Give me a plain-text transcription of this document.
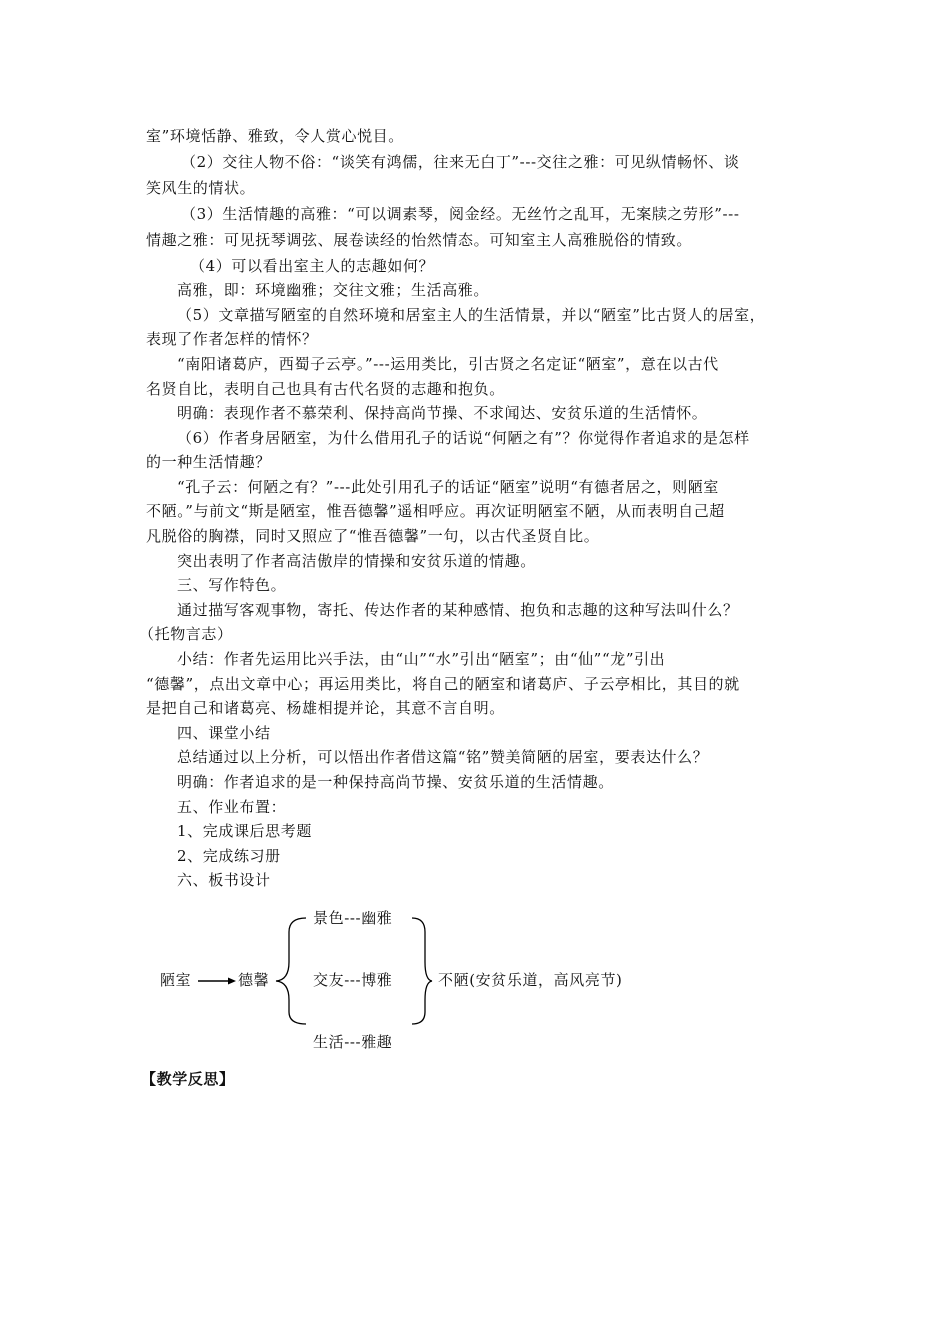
室”环境恬静、雅致，令人赏心悦目。
（2）交往人物不俗：“谈笑有鸿儒，往来无白丁”---交往之雅：可见纵情畅怀、谈
笑风生的情状。
（3）生活情趣的高雅：“可以调素琴，阅金经。无丝竹之乱耳，无案牍之劳形”---
情趣之雅：可见抚琴调弦、展卷读经的怡然情态。可知室主人高雅脱俗的情致。
（4）可以看出室主人的志趣如何？
高雅，即：环境幽雅；交往文雅；生活高雅。
（5）文章描写陋室的自然环境和居室主人的生活情景，并以“陋室”比古贤人的居室，
表现了作者怎样的情怀？
“南阳诸葛庐，西蜀子云亭。”---运用类比，引古贤之名定证“陋室”，意在以古代
名贤自比，表明自己也具有古代名贤的志趣和抱负。
明确：表现作者不慕荣利、保持高尚节操、不求闻达、安贫乐道的生活情怀。
（6）作者身居陋室，为什么借用孔子的话说“何陋之有”？你觉得作者追求的是怎样
的一种生活情趣？
“孔子云：何陋之有？”---此处引用孔子的话证“陋室”说明“有德者居之，则陋室
不陋。”与前文“斯是陋室，惟吾德馨”遥相呼应。再次证明陋室不陋，从而表明自己超
凡脱俗的胸襟，同时又照应了“惟吾德馨”一句，以古代圣贤自比。
突出表明了作者高洁傲岸的情操和安贫乐道的情趣。
三、写作特色。
通过描写客观事物，寄托、传达作者的某种感情、抱负和志趣的这种写法叫什么？
（托物言志）
小结：作者先运用比兴手法，由“山”“水”引出“陋室”；由“仙”“龙”引出
“德馨”，点出文章中心；再运用类比，将自己的陋室和诸葛庐、子云亭相比，其目的就
是把自己和诸葛亮、杨雄相提并论，其意不言自明。
四、课堂小结
总结通过以上分析，可以悟出作者借这篇“铭”赞美简陋的居室，要表达什么？
明确：作者追求的是一种保持高尚节操、安贫乐道的生活情趣。
五、作业布置：
1、完成课后思考题
2、完成练习册
六、板书设计
陋室	德馨
景色---幽雅
交友---博雅
生活---雅趣
不陋(安贫乐道，高风亮节)
【教学反思】
